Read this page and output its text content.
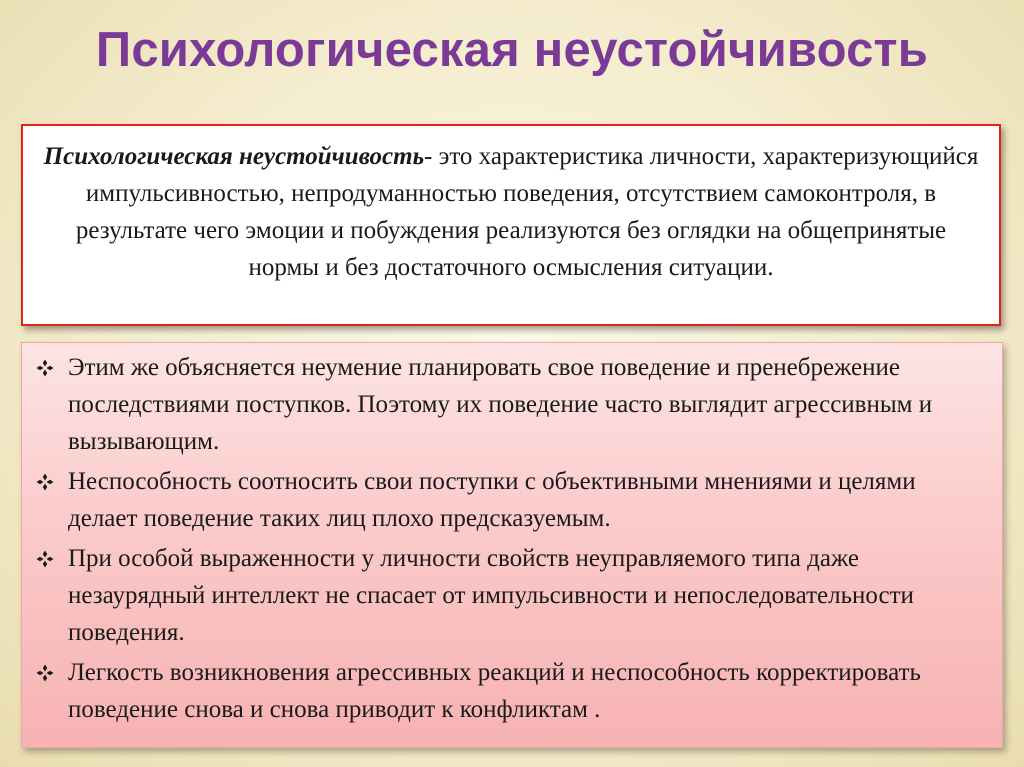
Психологическая неустойчивость
Психологическая неустойчивость- это характеристика личности, характеризующийся импульсивностью, непродуманностью поведения, отсутствием самоконтроля, в результате чего эмоции и побуждения реализуются без оглядки на общепринятые нормы и без достаточного осмысления ситуации.
Этим же объясняется неумение планировать свое поведение и пренебрежение последствиями поступков. Поэтому их поведение часто выглядит агрессивным и вызывающим.
Неспособность соотносить свои поступки с объективными мнениями и целями делает поведение таких лиц плохо предсказуемым.
При особой выраженности у личности свойств неуправляемого типа даже незаурядный интеллект не спасает от импульсивности и непоследовательности поведения.
Легкость возникновения агрессивных реакций и неспособность корректировать поведение снова и снова приводит к конфликтам .
